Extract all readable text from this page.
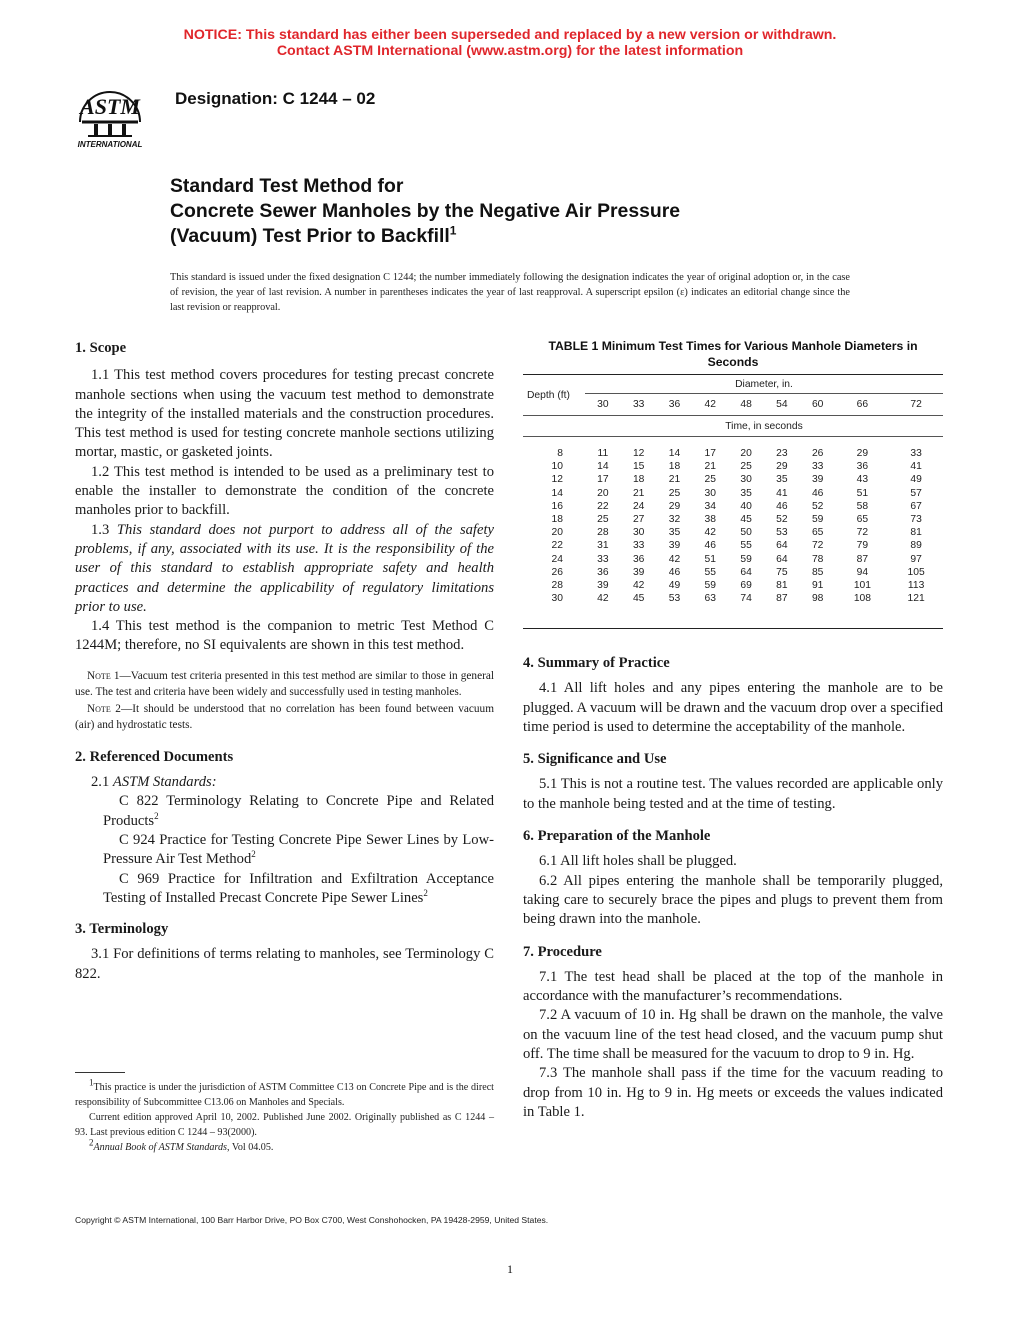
NOTICE: This standard has either been superseded and replaced by a new version or withdrawn.
Contact ASTM International (www.astm.org) for the latest information
ASTM
INTERNATIONAL
Designation: C 1244 – 02
Standard Test Method for
Concrete Sewer Manholes by the Negative Air Pressure
(Vacuum) Test Prior to Backfill$^1$
This standard is issued under the fixed designation C 1244; the number immediately following the designation indicates the year of original adoption or, in the case of revision, the year of last revision. A number in parentheses indicates the year of last reapproval. A superscript epsilon (ε) indicates an editorial change since the last revision or reapproval.
1. Scope

1.1 This test method covers procedures for testing precast concrete manhole sections when using the vacuum test method to demonstrate the integrity of the installed materials and the construction procedures. This test method is used for testing concrete manhole sections utilizing mortar, mastic, or gasketed joints.

1.2 This test method is intended to be used as a preliminary test to enable the installer to demonstrate the condition of the concrete manholes prior to backfill.

1.3 This standard does not purport to address all of the safety problems, if any, associated with its use. It is the responsibility of the user of this standard to establish appropriate safety and health practices and determine the applicability of regulatory limitations prior to use.

1.4 This test method is the companion to metric Test Method C 1244M; therefore, no SI equivalents are shown in this test method.

Note 1—Vacuum test criteria presented in this test method are similar to those in general use. The test and criteria have been widely and successfully used in testing manholes.

Note 2—It should be understood that no correlation has been found between vacuum (air) and hydrostatic tests.

2. Referenced Documents

2.1 ASTM Standards:

C 822 Terminology Relating to Concrete Pipe and Related Products$^2$

C 924 Practice for Testing Concrete Pipe Sewer Lines by Low-Pressure Air Test Method$^2$

C 969 Practice for Infiltration and Exfiltration Acceptance Testing of Installed Precast Concrete Pipe Sewer Lines$^2$

3. Terminology

3.1 For definitions of terms relating to manholes, see Terminology C 822.

$^1$This practice is under the jurisdiction of ASTM Committee C13 on Concrete Pipe and is the direct responsibility of Subcommittee C13.06 on Manholes and Specials.

Current edition approved April 10, 2002. Published June 2002. Originally published as C 1244 – 93. Last previous edition C 1244 – 93(2000).

$^2$Annual Book of ASTM Standards, Vol 04.05.

TABLE 1 Minimum Test Times for Various Manhole Diameters in Seconds
Depth (ft)	Diameter, in.								
	30	33	36	42	48	54	60	66	72
	Time, in seconds								

8	11	12	14	17	20	23	26	29	33
10	14	15	18	21	25	29	33	36	41
12	17	18	21	25	30	35	39	43	49
14	20	21	25	30	35	41	46	51	57
16	22	24	29	34	40	46	52	58	67
18	25	27	32	38	45	52	59	65	73
20	28	30	35	42	50	53	65	72	81
22	31	33	39	46	55	64	72	79	89
24	33	36	42	51	59	64	78	87	97
26	36	39	46	55	64	75	85	94	105
28	39	42	49	59	69	81	91	101	113
30	42	45	53	63	74	87	98	108	121
4. Summary of Practice

4.1 All lift holes and any pipes entering the manhole are to be plugged. A vacuum will be drawn and the vacuum drop over a specified time period is used to determine the acceptability of the manhole.

5. Significance and Use

5.1 This is not a routine test. The values recorded are applicable only to the manhole being tested and at the time of testing.

6. Preparation of the Manhole

6.1 All lift holes shall be plugged.

6.2 All pipes entering the manhole shall be temporarily plugged, taking care to securely brace the pipes and plugs to prevent them from being drawn into the manhole.

7. Procedure

7.1 The test head shall be placed at the top of the manhole in accordance with the manufacturer’s recommendations.

7.2 A vacuum of 10 in. Hg shall be drawn on the manhole, the valve on the vacuum line of the test head closed, and the vacuum pump shut off. The time shall be measured for the vacuum to drop to 9 in. Hg.

7.3 The manhole shall pass if the time for the vacuum reading to drop from 10 in. Hg to 9 in. Hg meets or exceeds the values indicated in Table 1.

Copyright © ASTM International, 100 Barr Harbor Drive, PO Box C700, West Conshohocken, PA 19428-2959, United States.
1
